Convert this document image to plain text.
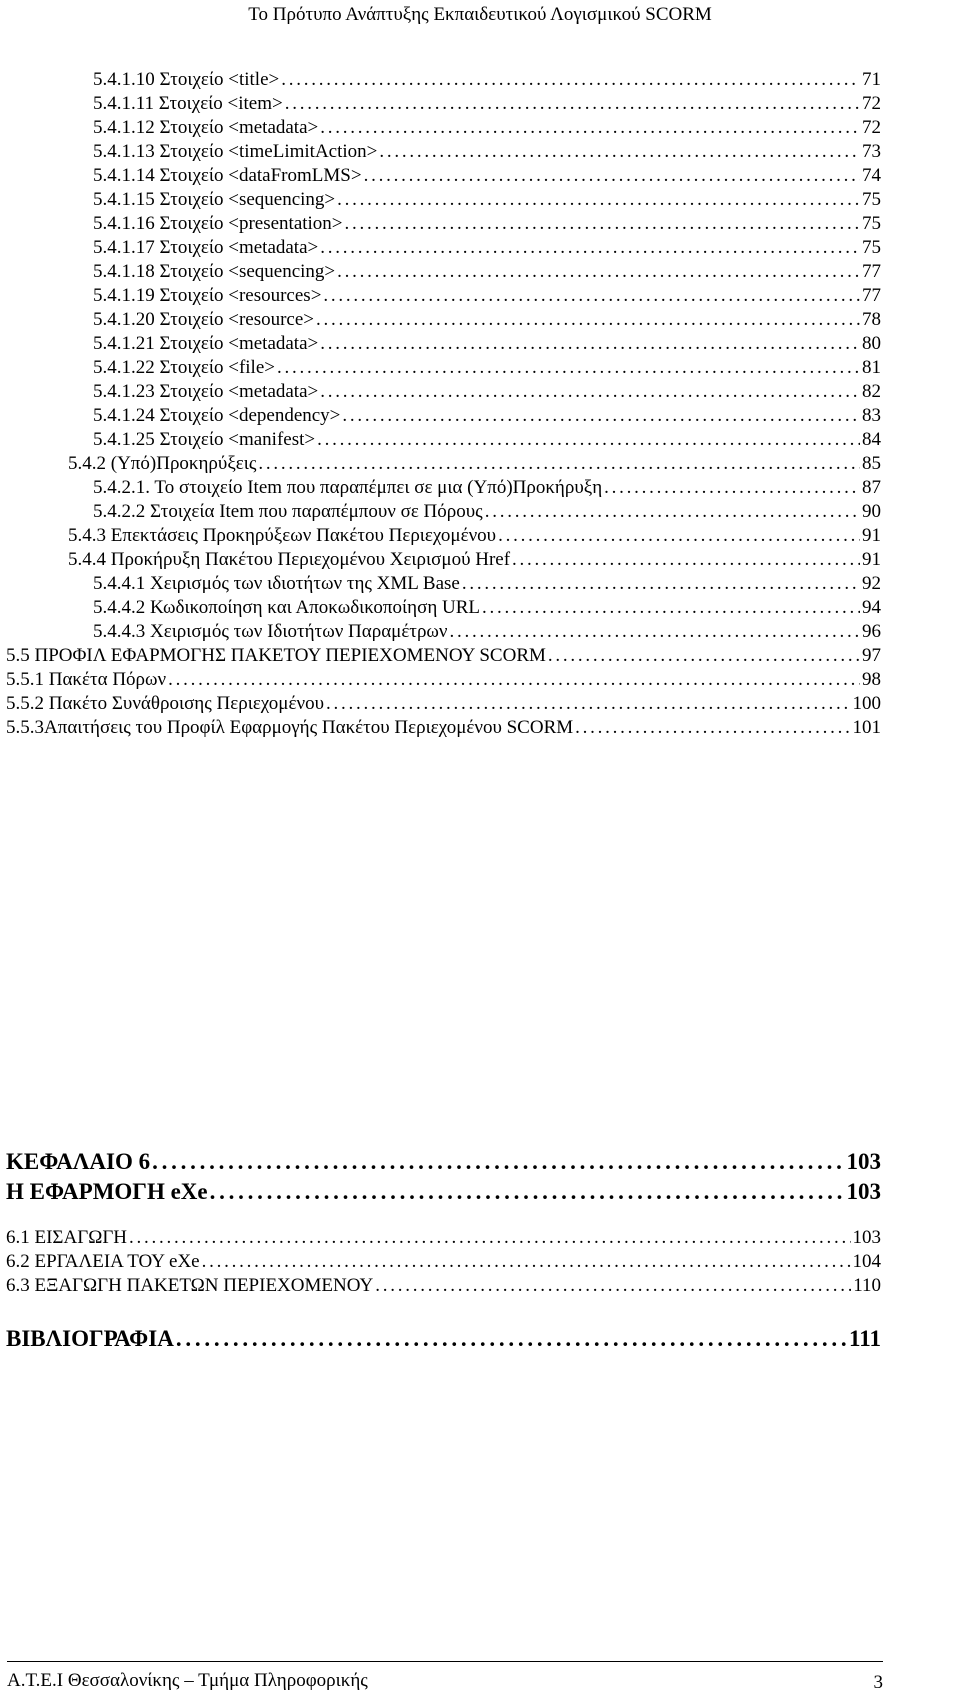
Το Πρότυπο Ανάπτυξης Εκπαιδευτικού Λογισμικού SCORM
5.4.1.10 Στοιχείο <title> . . .	71
5.4.1.11 Στοιχείο <item> . . .	72
5.4.1.12 Στοιχείο <metadata> . . .	72
5.4.1.13 Στοιχείο <timeLimitAction> . . .	73
5.4.1.14 Στοιχείο <dataFromLMS> . . .	74
5.4.1.15 Στοιχείο <sequencing> . . .	75
5.4.1.16 Στοιχείο <presentation> . . .	75
5.4.1.17 Στοιχείο <metadata> . . .	75
5.4.1.18 Στοιχείο <sequencing> . . .	77
5.4.1.19 Στοιχείο <resources> . . .	77
5.4.1.20 Στοιχείο <resource> . . .	78
5.4.1.21 Στοιχείο <metadata> . . .	80
5.4.1.22 Στοιχείο <file> . . .	81
5.4.1.23 Στοιχείο <metadata> . . .	82
5.4.1.24 Στοιχείο <dependency> . . .	83
5.4.1.25 Στοιχείο <manifest> . . .	84
5.4.2 (Υπό)Προκηρύξεις . . .	85
5.4.2.1. Το στοιχείο Item που παραπέμπει σε μια (Υπό)Προκήρυξη . . .	87
5.4.2.2 Στοιχεία Item που παραπέμπουν σε Πόρους . . .	90
5.4.3 Επεκτάσεις Προκηρύξεων Πακέτου Περιεχομένου . . .	91
5.4.4 Προκήρυξη Πακέτου Περιεχομένου Χειρισμού Href . . .	91
5.4.4.1 Χειρισμός των ιδιοτήτων της XML Base . . .	92
5.4.4.2 Κωδικοποίηση και Αποκωδικοποίηση URL . . .	94
5.4.4.3 Χειρισμός των Ιδιοτήτων Παραμέτρων . . .	96
5.5 ΠΡΟΦΙΛ ΕΦΑΡΜΟΓΗΣ ΠΑΚΕΤΟΥ ΠΕΡΙΕΧΟΜΕΝΟΥ SCORM . . .	97
5.5.1 Πακέτα Πόρων . . .	98
5.5.2 Πακέτο Συνάθροισης Περιεχομένου . . .	100
5.5.3Απαιτήσεις του Προφίλ Εφαρμογής Πακέτου Περιεχομένου SCORM . . .	101
ΚΕΦΑΛΑΙΟ 6 . . .	103
Η ΕΦΑΡΜΟΓΗ eXe . . .	103
6.1 ΕΙΣΑΓΩΓΗ . . .	103
6.2 ΕΡΓΑΛΕΙΑ ΤΟΥ eXe . . .	104
6.3 ΕΞΑΓΩΓΗ ΠΑΚΕΤΩΝ ΠΕΡΙΕΧΟΜΕΝΟΥ . . .	110
ΒΙΒΛΙΟΓΡΑΦΙΑ . . .	111
Α.Τ.Ε.Ι Θεσσαλονίκης – Τμήμα Πληροφορικής	3
